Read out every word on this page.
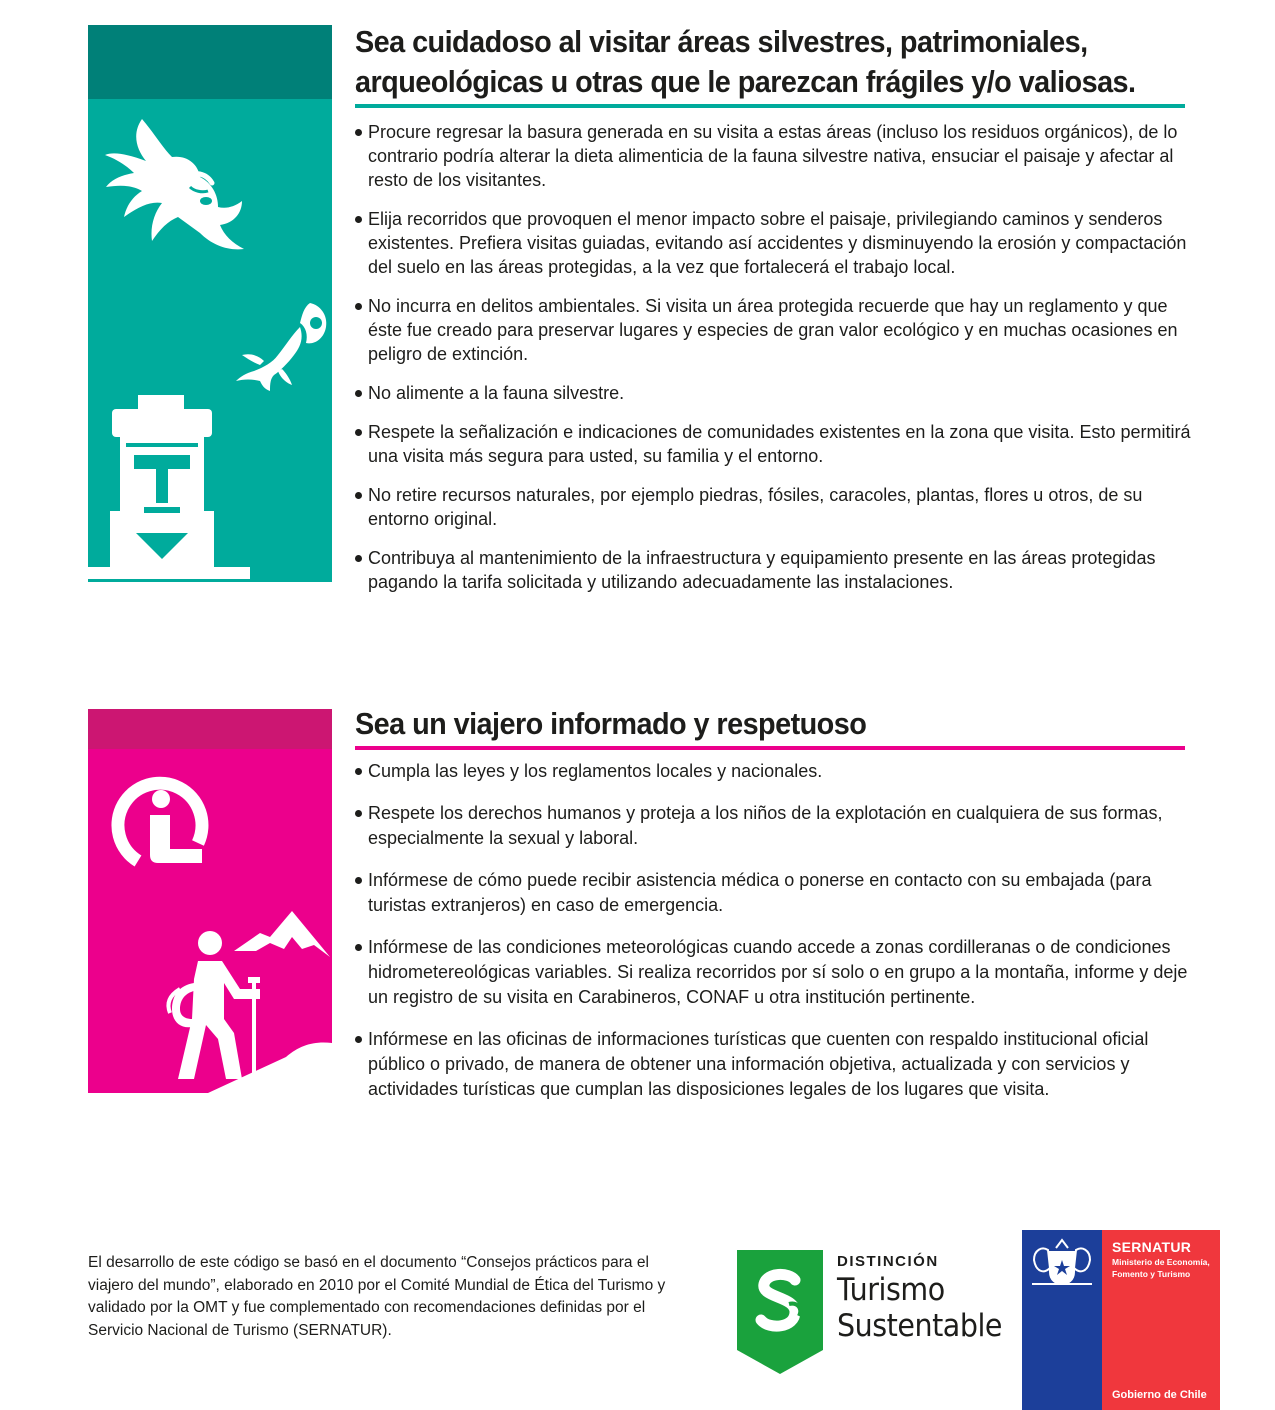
Sea cuidadoso al visitar áreas silvestres, patrimoniales,
arqueológicas u otras que le parezcan frágiles y/o valiosas.
Procure regresar la basura generada en su visita a estas áreas (incluso los residuos orgánicos), de lo contrario podría alterar la dieta alimenticia de la fauna silvestre nativa, ensuciar el paisaje y afectar al resto de los visitantes.
Elija recorridos que provoquen el menor impacto sobre el paisaje, privilegiando caminos y senderos existentes. Prefiera visitas guiadas, evitando así accidentes y disminuyendo la erosión y compactación del suelo en las áreas protegidas, a la vez que fortalecerá el trabajo local.
No incurra en delitos ambientales. Si visita un área protegida recuerde que hay un reglamento y que éste fue creado para preservar lugares y especies de gran valor ecológico y en muchas ocasiones en peligro de extinción.
No alimente a la fauna silvestre.
Respete la señalización e indicaciones de comunidades existentes en la zona que visita. Esto permitirá una visita más segura para usted, su familia y el entorno.
No retire recursos naturales, por ejemplo piedras, fósiles, caracoles, plantas, flores u otros, de su entorno original.
Contribuya al mantenimiento de la infraestructura y equipamiento presente en las áreas protegidas pagando la tarifa solicitada y utilizando adecuadamente las instalaciones.
Sea un viajero informado y respetuoso
Cumpla las leyes y los reglamentos locales y nacionales.
Respete los derechos humanos y proteja a los niños de la explotación en cualquiera de sus formas, especialmente la sexual y laboral.
Infórmese de cómo puede recibir asistencia médica o ponerse en contacto con su embajada (para turistas extranjeros) en caso de emergencia.
Infórmese de las condiciones meteorológicas cuando accede a zonas cordilleranas o de condiciones hidrometereológicas variables. Si realiza recorridos por sí solo o en grupo a la montaña, informe y deje un registro de su visita en Carabineros, CONAF u otra institución pertinente.
Infórmese en las oficinas de informaciones turísticas que cuenten con respaldo institucional oficial público o privado, de manera de obtener una información objetiva, actualizada y con servicios y actividades turísticas que cumplan las disposiciones legales de los lugares que visita.

El desarrollo de este código se basó en el documento “Consejos prácticos para el viajero del mundo”, elaborado en 2010 por el Comité Mundial de Ética del Turismo y validado por la OMT y fue complementado con recomendaciones definidas por el Servicio Nacional de Turismo (SERNATUR).

DISTINCIÓN
Turismo
Sustentable
SERNATUR
Ministerio de Economía, Fomento y Turismo
Gobierno de Chile
